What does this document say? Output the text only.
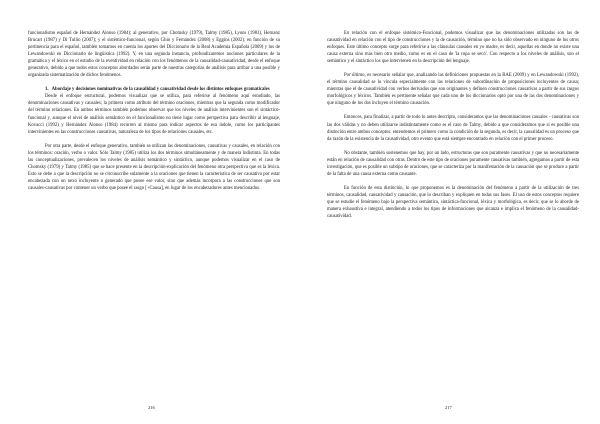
funcionalismo español de Hernández Alonso (1984); al generativo, por Chomsky (1979), Talmy (1985), Lyons (1983), Hernanz Brucart (1987) y Di Tullio (2007); y el sistémico-funcional, según Ghio y Fernández (2008) y Eggins (2002); en función de su pertinencia para el español, también tomamos en cuenta los aportes del Diccionario de la Real Academia Española (2009) y los de Lewandowski en Diccionario de lingüística (1992). Y, en una segunda instancia, profundizaremos nociones particulares de la gramática y el léxico en el estudio de la eventividad en relación con los fenómenos de la causalidad-causatividad, desde el enfoque generativo, debido a que todos estos conceptos abordados serán parte de nuestras categorías de análisis para arribar a una posible y organizada sistematización de dichos fenómenos.

1. Abordaje y decisiones nominativas de la causalidad y causatividad desde los distintos enfoques gramaticales

Desde el enfoque estructural, podemos visualizar que se utiliza, para referirse al fenómeno aquí estudiado, las denominaciones causativas y causales; la primera como atributo del término oraciones, mientras que la segunda como modificador del término relaciones. En ambos términos también podemos observar que los niveles de análisis intervinientes son el sintáctico-funcional y, aunque el nivel de análisis semántico en el funcionalismo no tiene lugar como perspectiva para describir al lenguaje, Kovacci (1992) y Hernández Alonso (1984) recurren al mismo para indicar aspectos de esa índole, como los participantes intervinientes en las construcciones causativas, naturaleza de los tipos de relaciones causales, etc.

Por otra parte, desde el enfoque generativo, también se utilizan las denominaciones, causativas y causales, en relación con los términos: oración, verbo o valor. Sólo Talmy (1985) utiliza los dos términos simultáneamente y de manera indistinta. En todas las conceptualizaciones, prevalecen los niveles de análisis semántico y sintáctico, aunque podemos visualizar en el caso de Chomsky (1979) y Talmy (1985) que se hace presente en la descripción-explicación del fenómeno otra perspectiva que es la léxica. Esto se debe a que la descripción no se circunscribe solamente a la oraciones que tienen la característica de ser causativa por estar encabezada con un nexo incluyente o generado que posee ese valor, sino que además incorpora a las construcciones que son causales-causativas por contener un verbo que posee el rasgo [+Causa], en lugar de los encabezadores antes mencionados.

216

En relación con el enfoque sistémico-Funcional, podemos visualizar que las denominaciones utilizadas son las de causatividad en relación con el tipo de construcciones y la de causación, término que no ha sido observado en ninguno de los otros enfoques. Este último concepto surge para referirse a las cláusulas causales en yo madre, es decir, aquellas en donde no existe una causa externa sino más bien otro medio, como es en el caso de 'la ropa se secó'. Con respecto a los niveles de análisis, son el semántico y el sintáctico los que intervienen en la descripción del lenguaje.

Por último, es necesario señalar que, analizando las definiciones propuestas en la RAE (2009) y en Lewandowski (1992), el término causalidad se lo vincula especialmente con las relaciones de subordinación de proposiciones incluyentes de causa; mientras que el de causatividad con verbos derivados que son originantes y definen construcciones causativas a partir de sus rasgos morfológicos y léxicos. También es pertinente señalar que cada uno de los diccionarios optó por una de las dos denominaciones y que ninguno de los dos incluyen el término causación.

Entonces, para finalizar, a partir de todo lo antes descripto, consideramos que las denominaciones causales - causativas son las dos válidas y no deben utilizarse indistintamente como es el caso de Talmy, debido a que consideramos que si es posible una distinción entre ambos conceptos: entendemos el primero como la condición de la segunda, es decir, la causalidad es un proceso que da razón de la existencia de la causatividad, otro evento que está siempre encontrado en relación con el primer proceso.

No obstante, también sostenemos que hay, por un lado, estructuras que son puramente causativas y que no necesariamente están en relación de causalidad con otras. Dentro de este tipo de oraciones puramente causativas también, agregamos a partir de esta investigación, que es posible un subtipo de oraciones, que se caracteriza por la manifestación de la causación que se produce a partir de la falta de una causa externa como causante.

En función de esta distinción, lo que proponemos es la denominación del fenómeno a partir de la utilización de tres términos, causalidad, causatividad y causación, que lo describan y expliquen en todas sus fases. El uso de estos conceptos requiere que se estudie el fenómeno bajo la perspectiva semántica, sintáctica-funcional, léxica y morfológica, es decir, que se lo aborde de manera exhaustiva e integral, atendiendo a todos los tipos de informaciones que alcanza e implica el fenómeno de la causalidad-causatividad.

217
